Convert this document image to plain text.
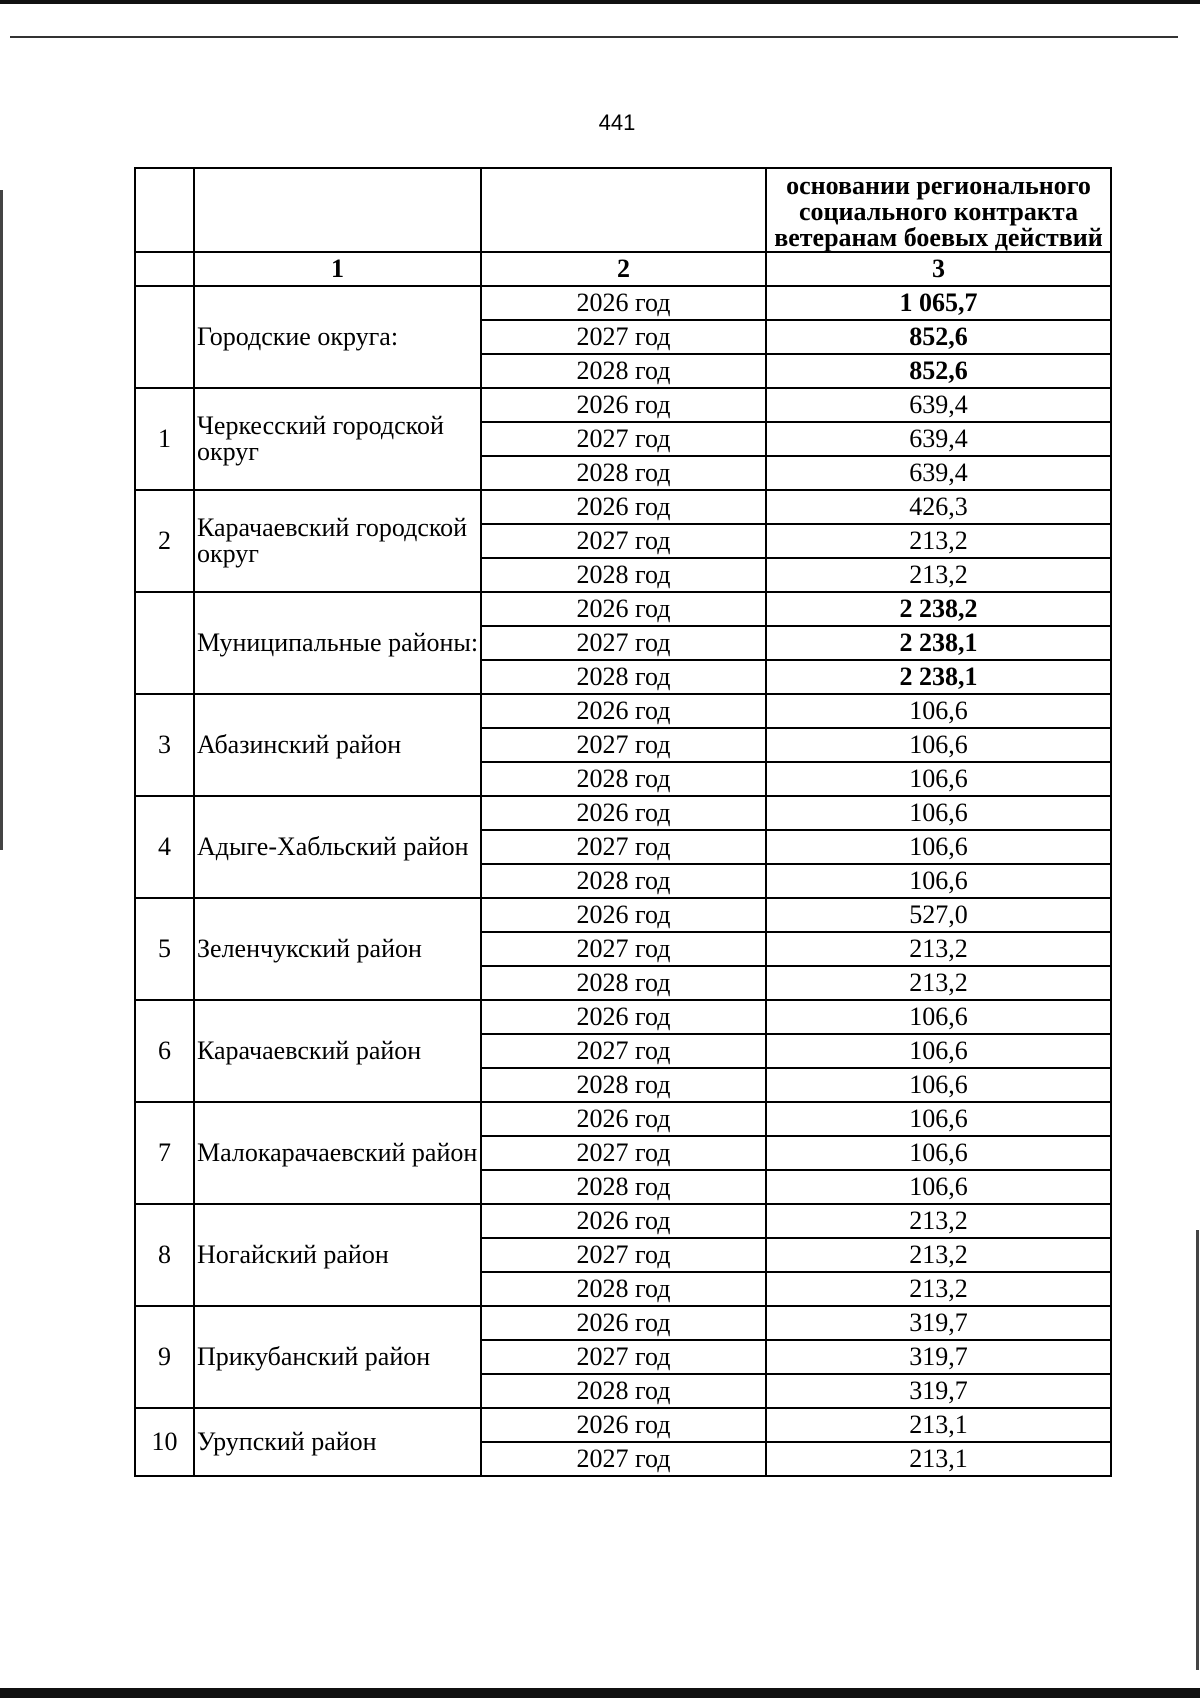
441
			основании регионального социального контракта ветеранам боевых действий
	1	2	3
	Городские округа:	2026 год	1 065,7
		2027 год	852,6
		2028 год	852,6
1	Черкесский городской округ	2026 год	639,4
		2027 год	639,4
		2028 год	639,4
2	Карачаевский городской округ	2026 год	426,3
		2027 год	213,2
		2028 год	213,2
	Муниципальные районы:	2026 год	2 238,2
		2027 год	2 238,1
		2028 год	2 238,1
3	Абазинский район	2026 год	106,6
		2027 год	106,6
		2028 год	106,6
4	Адыге-Хабльский район	2026 год	106,6
		2027 год	106,6
		2028 год	106,6
5	Зеленчукский район	2026 год	527,0
		2027 год	213,2
		2028 год	213,2
6	Карачаевский район	2026 год	106,6
		2027 год	106,6
		2028 год	106,6
7	Малокарачаевский район	2026 год	106,6
		2027 год	106,6
		2028 год	106,6
8	Ногайский район	2026 год	213,2
		2027 год	213,2
		2028 год	213,2
9	Прикубанский район	2026 год	319,7
		2027 год	319,7
		2028 год	319,7
10	Урупский район	2026 год	213,1
		2027 год	213,1
